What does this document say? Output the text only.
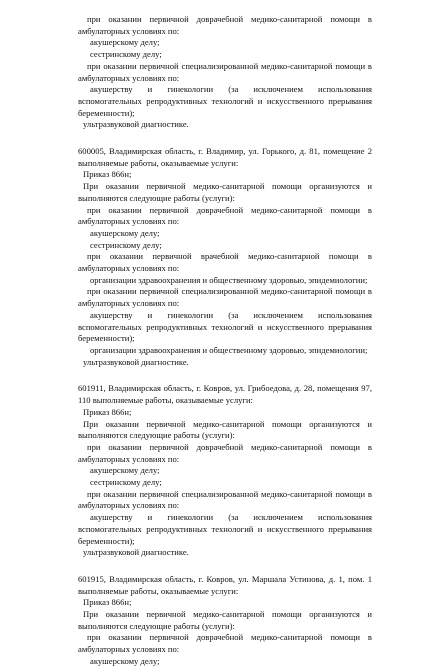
при оказании первичной доврачебной медико-санитарной помощи в амбулаторных условиях по:

акушерскому делу;

сестринскому делу;

при оказании первичной специализированной медико-санитарной помощи в амбулаторных условиях по:

акушерству и гинекологии (за исключением использования вспомогательных репродуктивных технологий и искусственного прерывания беременности);

ультразвуковой диагностике.

600005, Владимирская область, г. Владимир, ул. Горького, д. 81, помещение 2 выполняемые работы, оказываемые услуги:

Приказ 866н;

При оказании первичной медико-санитарной помощи организуются и выполняются следующие работы (услуги):

при оказании первичной доврачебной медико-санитарной помощи в амбулаторных условиях по:

акушерскому делу;

сестринскому делу;

при оказании первичной врачебной медико-санитарной помощи в амбулаторных условиях по:

организации здравоохранения и общественному здоровью, эпидемиологии;

при оказании первичной специализированной медико-санитарной помощи в амбулаторных условиях по:

акушерству и гинекологии (за исключением использования вспомогательных репродуктивных технологий и искусственного прерывания беременности);

организации здравоохранения и общественному здоровью, эпидемиологии;

ультразвуковой диагностике.

601911, Владимирская область, г. Ковров, ул. Грибоедова, д. 28, помещения 97, 110 выполняемые работы, оказываемые услуги:

Приказ 866н;

При оказании первичной медико-санитарной помощи организуются и выполняются следующие работы (услуги):

при оказании первичной доврачебной медико-санитарной помощи в амбулаторных условиях по:

акушерскому делу;

сестринскому делу;

при оказании первичной специализированной медико-санитарной помощи в амбулаторных условиях по:

акушерству и гинекологии (за исключением использования вспомогательных репродуктивных технологий и искусственного прерывания беременности);

ультразвуковой диагностике.

601915, Владимирская область, г. Ковров, ул. Маршала Устинова, д. 1, пом. 1 выполняемые работы, оказываемые услуги:

Приказ 866н;

При оказании первичной медико-санитарной помощи организуются и выполняются следующие работы (услуги):

при оказании первичной доврачебной медико-санитарной помощи в амбулаторных условиях по:

акушерскому делу;
